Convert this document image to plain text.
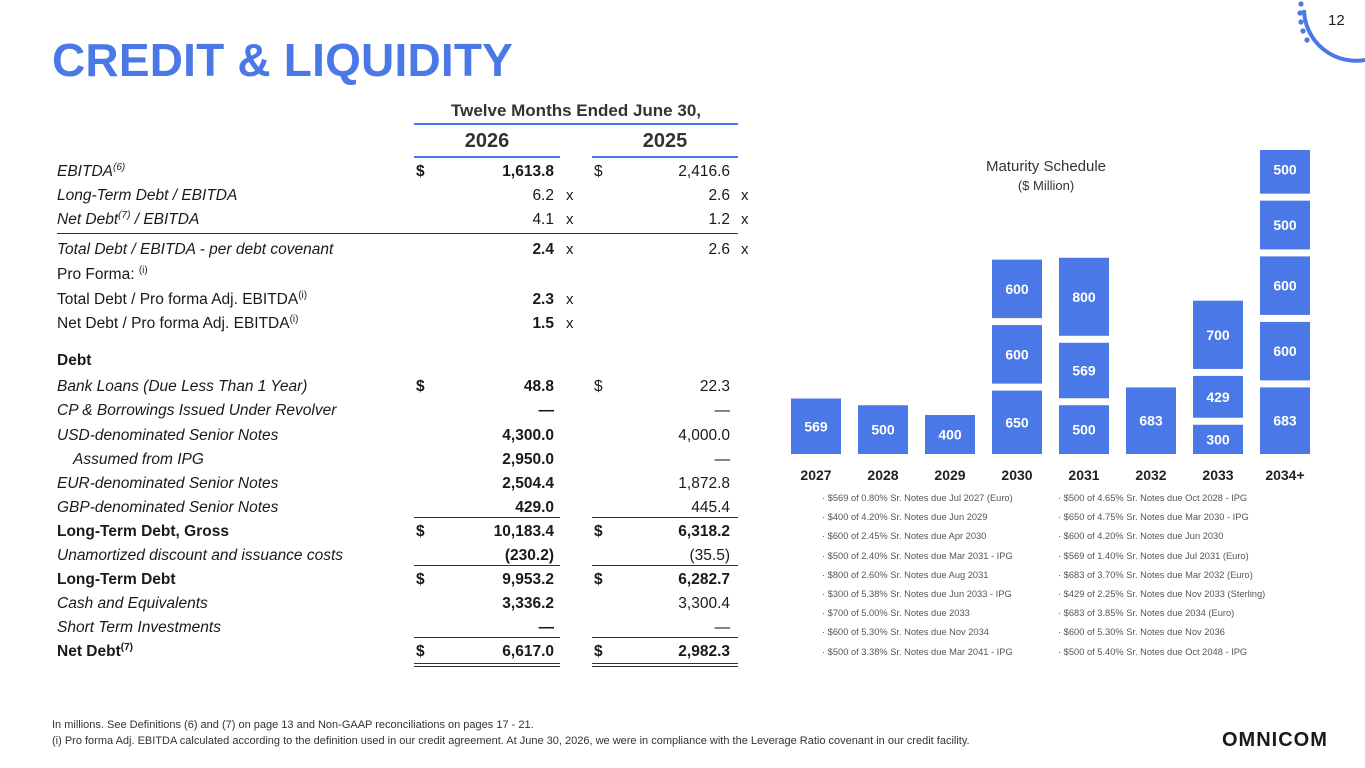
CREDIT & LIQUIDITY
12
Twelve Months Ended June 30,
2026	2025
EBITDA$^{(6)}$	$	1,613.8	$	2,416.6
Long-Term Debt / EBITDA	6.2 x	2.6 x
Net Debt$^{(7)}$ / EBITDA	4.1 x	1.2 x
Total Debt / EBITDA - per debt covenant	2.4 x	2.6 x
Pro Forma: $^{(i)}$
Total Debt / Pro forma Adj. EBITDA$^{(i)}$	2.3 x
Net Debt / Pro forma Adj. EBITDA$^{(i)}$	1.5 x
Debt
Bank Loans (Due Less Than 1 Year)	$	48.8	$	22.3
CP & Borrowings Issued Under Revolver	—	—
USD-denominated Senior Notes	4,300.0	4,000.0
Assumed from IPG	2,950.0	—
EUR-denominated Senior Notes	2,504.4	1,872.8
GBP-denominated Senior Notes	429.0	445.4
Long-Term Debt, Gross	$	10,183.4	$	6,318.2
Unamortized discount and issuance costs	(230.2)	(35.5)
Long-Term Debt	$	9,953.2	$	6,282.7
Cash and Equivalents	3,336.2	3,300.4
Short Term Investments	—	—
Net Debt$^{(7)}$	$	6,617.0	$	2,982.3
Maturity Schedule
($ Million)
569	500	400
650
600
600
500
569
800
683
300
429
700
683
600
600
500
500
2027	2028	2029	2030	2031	2032	2033 2034+
· $569 of 0.80% Sr. Notes due Jul 2027 (Euro)
· $400 of 4.20% Sr. Notes due Jun 2029
· $600 of 2.45% Sr. Notes due Apr 2030
· $500 of 2.40% Sr. Notes due Mar 2031 - IPG
· $800 of 2.60% Sr. Notes due Aug 2031
· $300 of 5.38% Sr. Notes due Jun 2033 - IPG
· $700 of 5.00% Sr. Notes due 2033
· $600 of 5.30% Sr. Notes due Nov 2034
· $500 of 3.38% Sr. Notes due Mar 2041 - IPG
· $500 of 4.65% Sr. Notes due Oct 2028 - IPG
· $650 of 4.75% Sr. Notes due Mar 2030 - IPG
· $600 of 4.20% Sr. Notes due Jun 2030
· $569 of 1.40% Sr. Notes due Jul 2031 (Euro)
· $683 of 3.70% Sr. Notes due Mar 2032 (Euro)
· $429 of 2.25% Sr. Notes due Nov 2033 (Sterling)
· $683 of 3.85% Sr. Notes due 2034 (Euro)
· $600 of 5.30% Sr. Notes due Nov 2036
· $500 of 5.40% Sr. Notes due Oct 2048 - IPG
In millions. See Definitions (6) and (7) on page 13 and Non-GAAP reconciliations on pages 17 - 21.
(i) Pro forma Adj. EBITDA calculated according to the definition used in our credit agreement. At June 30, 2026, we were in compliance with the Leverage Ratio covenant in our credit facility.	OMNICOM
